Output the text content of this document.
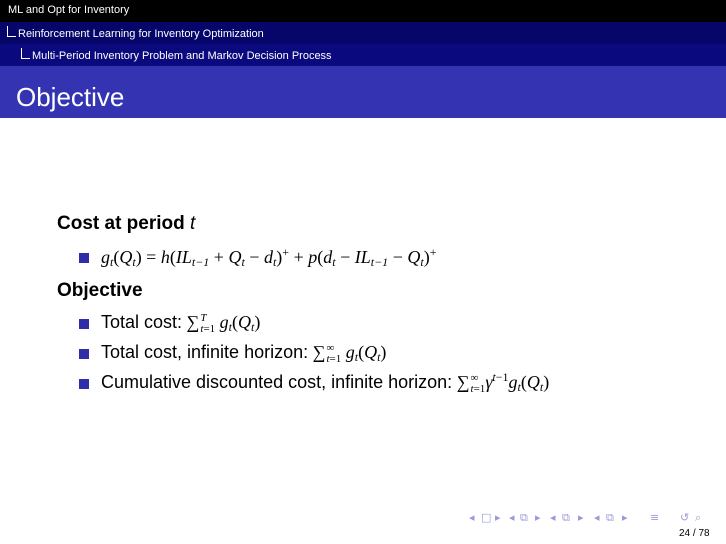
ML and Opt for Inventory
Reinforcement Learning for Inventory Optimization
Multi-Period Inventory Problem and Markov Decision Process
Objective
Cost at period t
gt(Qt) = h(ILt−1 + Qt − dt)+ + p(dt − ILt−1 − Qt)+
Objective
Total cost: ∑T
t=1 gt(Qt)
Total cost, infinite horizon: ∑∞
t=1 gt(Qt)
Cumulative discounted cost, infinite horizon: ∑∞
$t=1\gamma^{t-1}gt(Qt)$
◂ □ ▸ ◂ ⧉ ▸ ◂ ⧉ ▸ ◂ ⧉ ▸ ≡ ↺ ⌕
24 / 78
